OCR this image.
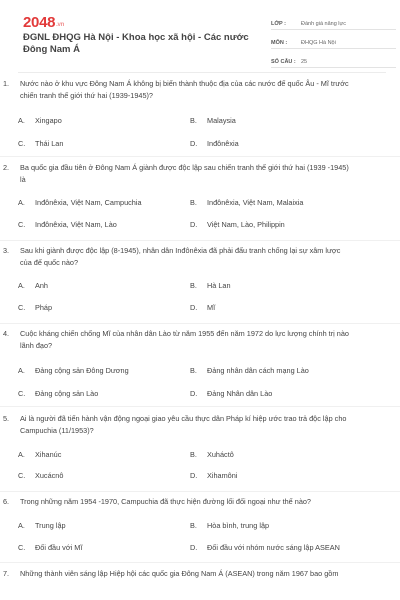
2048.vn
ĐGNL ĐHQG Hà Nội - Khoa học xã hội - Các nước Đông Nam Á
LỚP :	Đánh giá năng lực
MÔN :	ĐHQG Hà Nội
SỐ CÂU : 25
1.	Nước nào ở khu vực Đông Nam Á không bị biến thành thuộc địa của các nước đế quốc Âu - Mĩ trước chiến tranh thế giới thứ hai (1939-1945)?
A. Xingapo	B. Malaysia
C. Thái Lan	D. Inđônêxia
2.	Ba quốc gia đầu tiên ở Đông Nam Á giành được độc lập sau chiến tranh thế giới thứ hai (1939 -1945) là
A. Inđônêxia, Việt Nam, Campuchia	B. Inđônêxia, Việt Nam, Malaixia
C. Inđônêxia, Việt Nam, Lào	D. Việt Nam, Lào, Philippin
3.	Sau khi giành được độc lập (8-1945), nhân dân Inđônêxia đã phải đấu tranh chống lại sự xâm lược của đế quốc nào?
A. Anh	B. Hà Lan
C. Pháp	D. Mĩ
4.	Cuộc kháng chiến chống Mĩ của nhân dân Lào từ năm 1955 đến năm 1972 do lực lượng chính trị nào lãnh đạo?
A. Đảng cộng sản Đông Dương	B. Đảng nhân dân cách mạng Lào
C. Đảng cộng sản Lào	D. Đảng Nhân dân Lào
5.	Ai là người đã tiến hành vận động ngoại giao yêu cầu thực dân Pháp kí hiệp ước trao trả độc lập cho Campuchia (11/1953)?
A. Xihanúc	B. Xuháctô
C. Xucácnô	D. Xihamôni
6.	Trong những năm 1954 -1970, Campuchia đã thực hiện đường lối đối ngoại như thế nào?
A. Trung lập	B. Hòa bình, trung lập
C. Đối đầu với Mĩ	D. Đối đầu với nhóm nước sáng lập ASEAN
7.	Những thành viên sáng lập Hiệp hội các quốc gia Đông Nam Á (ASEAN) trong năm 1967 bao gồm
